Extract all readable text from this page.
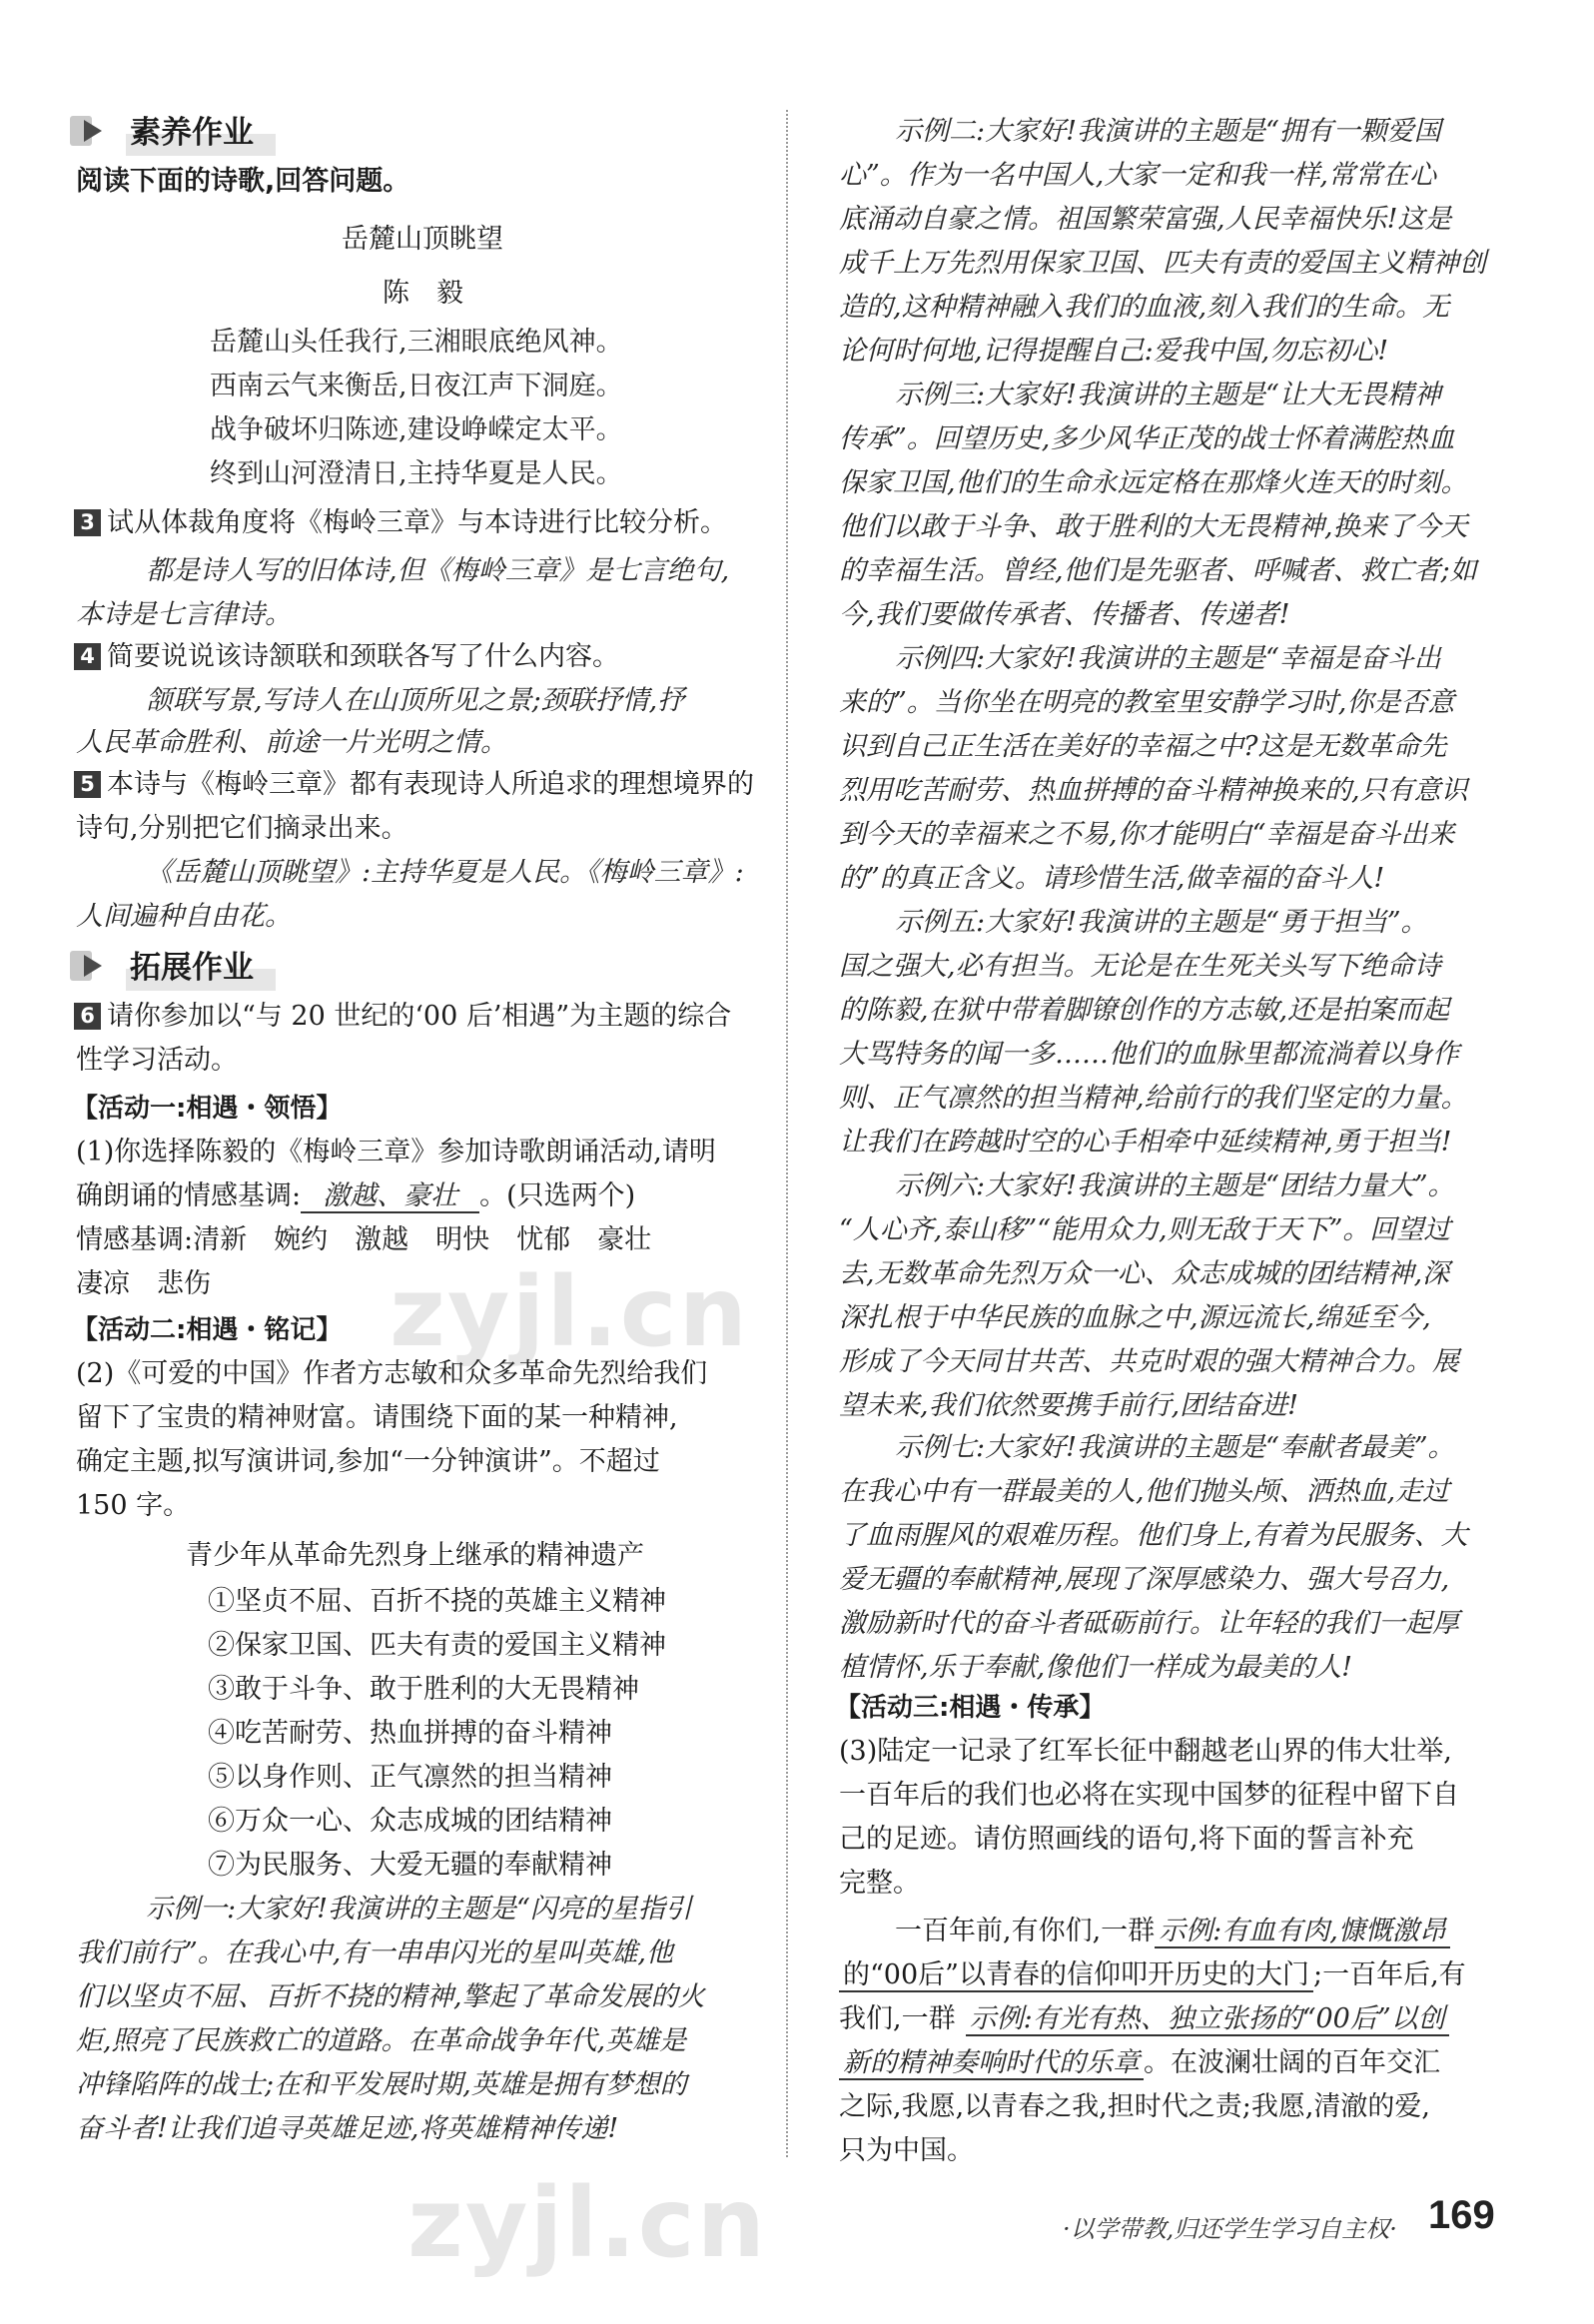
素养作业
阅读下面的诗歌,回答问题。
岳麓山顶眺望
陈　毅
岳麓山头任我行,三湘眼底绝风神。
西南云气来衡岳,日夜江声下洞庭。
战争破坏归陈迹,建设峥嵘定太平。
终到山河澄清日,主持华夏是人民。
3 试从体裁角度将《梅岭三章》与本诗进行比较分析。
都是诗人写的旧体诗,但《梅岭三章》是七言绝句,
本诗是七言律诗。
4 简要说说该诗颔联和颈联各写了什么内容。
颔联写景,写诗人在山顶所见之景;颈联抒情,抒
人民革命胜利、前途一片光明之情。
5 本诗与《梅岭三章》都有表现诗人所追求的理想境界的
诗句,分别把它们摘录出来。
《岳麓山顶眺望》:主持华夏是人民。《梅岭三章》:
人间遍种自由花。
拓展作业
6 请你参加以“与 20 世纪的‘00 后’相遇”为主题的综合
性学习活动。
【活动一:相遇・领悟】
(1)你选择陈毅的《梅岭三章》参加诗歌朗诵活动,请明
确朗诵的情感基调: 激越、豪壮 。(只选两个)
情感基调:清新　婉约　激越　明快　忧郁　豪壮
凄凉　悲伤
【活动二:相遇・铭记】
(2)《可爱的中国》作者方志敏和众多革命先烈给我们
留下了宝贵的精神财富。请围绕下面的某一种精神,
确定主题,拟写演讲词,参加“一分钟演讲”。不超过
150 字。
青少年从革命先烈身上继承的精神遗产
①坚贞不屈、百折不挠的英雄主义精神
②保家卫国、匹夫有责的爱国主义精神
③敢于斗争、敢于胜利的大无畏精神
④吃苦耐劳、热血拼搏的奋斗精神
⑤以身作则、正气凛然的担当精神
⑥万众一心、众志成城的团结精神
⑦为民服务、大爱无疆的奉献精神
示例一:大家好!我演讲的主题是“闪亮的星指引
我们前行”。在我心中,有一串串闪光的星叫英雄,他
们以坚贞不屈、百折不挠的精神,擎起了革命发展的火
炬,照亮了民族救亡的道路。在革命战争年代,英雄是
冲锋陷阵的战士;在和平发展时期,英雄是拥有梦想的
奋斗者!让我们追寻英雄足迹,将英雄精神传递!
示例二:大家好!我演讲的主题是“拥有一颗爱国
心”。作为一名中国人,大家一定和我一样,常常在心
底涌动自豪之情。祖国繁荣富强,人民幸福快乐!这是
成千上万先烈用保家卫国、匹夫有责的爱国主义精神创
造的,这种精神融入我们的血液,刻入我们的生命。无
论何时何地,记得提醒自己:爱我中国,勿忘初心!
示例三:大家好!我演讲的主题是“让大无畏精神
传承”。回望历史,多少风华正茂的战士怀着满腔热血
保家卫国,他们的生命永远定格在那烽火连天的时刻。
他们以敢于斗争、敢于胜利的大无畏精神,换来了今天
的幸福生活。曾经,他们是先驱者、呼喊者、救亡者;如
今,我们要做传承者、传播者、传递者!
示例四:大家好!我演讲的主题是“幸福是奋斗出
来的”。当你坐在明亮的教室里安静学习时,你是否意
识到自己正生活在美好的幸福之中?这是无数革命先
烈用吃苦耐劳、热血拼搏的奋斗精神换来的,只有意识
到今天的幸福来之不易,你才能明白“幸福是奋斗出来
的”的真正含义。请珍惜生活,做幸福的奋斗人!
示例五:大家好!我演讲的主题是“勇于担当”。
国之强大,必有担当。无论是在生死关头写下绝命诗
的陈毅,在狱中带着脚镣创作的方志敏,还是拍案而起
大骂特务的闻一多……他们的血脉里都流淌着以身作
则、正气凛然的担当精神,给前行的我们坚定的力量。
让我们在跨越时空的心手相牵中延续精神,勇于担当!
示例六:大家好!我演讲的主题是“团结力量大”。
“人心齐,泰山移”“能用众力,则无敌于天下”。回望过
去,无数革命先烈万众一心、众志成城的团结精神,深
深扎根于中华民族的血脉之中,源远流长,绵延至今,
形成了今天同甘共苦、共克时艰的强大精神合力。展
望未来,我们依然要携手前行,团结奋进!
示例七:大家好!我演讲的主题是“奉献者最美”。
在我心中有一群最美的人,他们抛头颅、洒热血,走过
了血雨腥风的艰难历程。他们身上,有着为民服务、大
爱无疆的奉献精神,展现了深厚感染力、强大号召力,
激励新时代的奋斗者砥砺前行。让年轻的我们一起厚
植情怀,乐于奉献,像他们一样成为最美的人!
【活动三:相遇・传承】
(3)陆定一记录了红军长征中翻越老山界的伟大壮举,
一百年后的我们也必将在实现中国梦的征程中留下自
己的足迹。请仿照画线的语句,将下面的誓言补充
完整。
一百年前,有你们,一群 示例:有血有肉,慷慨激昂
的“00后”以青春的信仰叩开历史的大门 ;一百年后,有
我们,一群 示例:有光有热、独立张扬的“00后”以创
新的精神奏响时代的乐章 。在波澜壮阔的百年交汇
之际,我愿,以青春之我,担时代之责;我愿,清澈的爱,
只为中国。
zyjl.cn
zyjl.cn	·以学带教,归还学生学习自主权· 169
